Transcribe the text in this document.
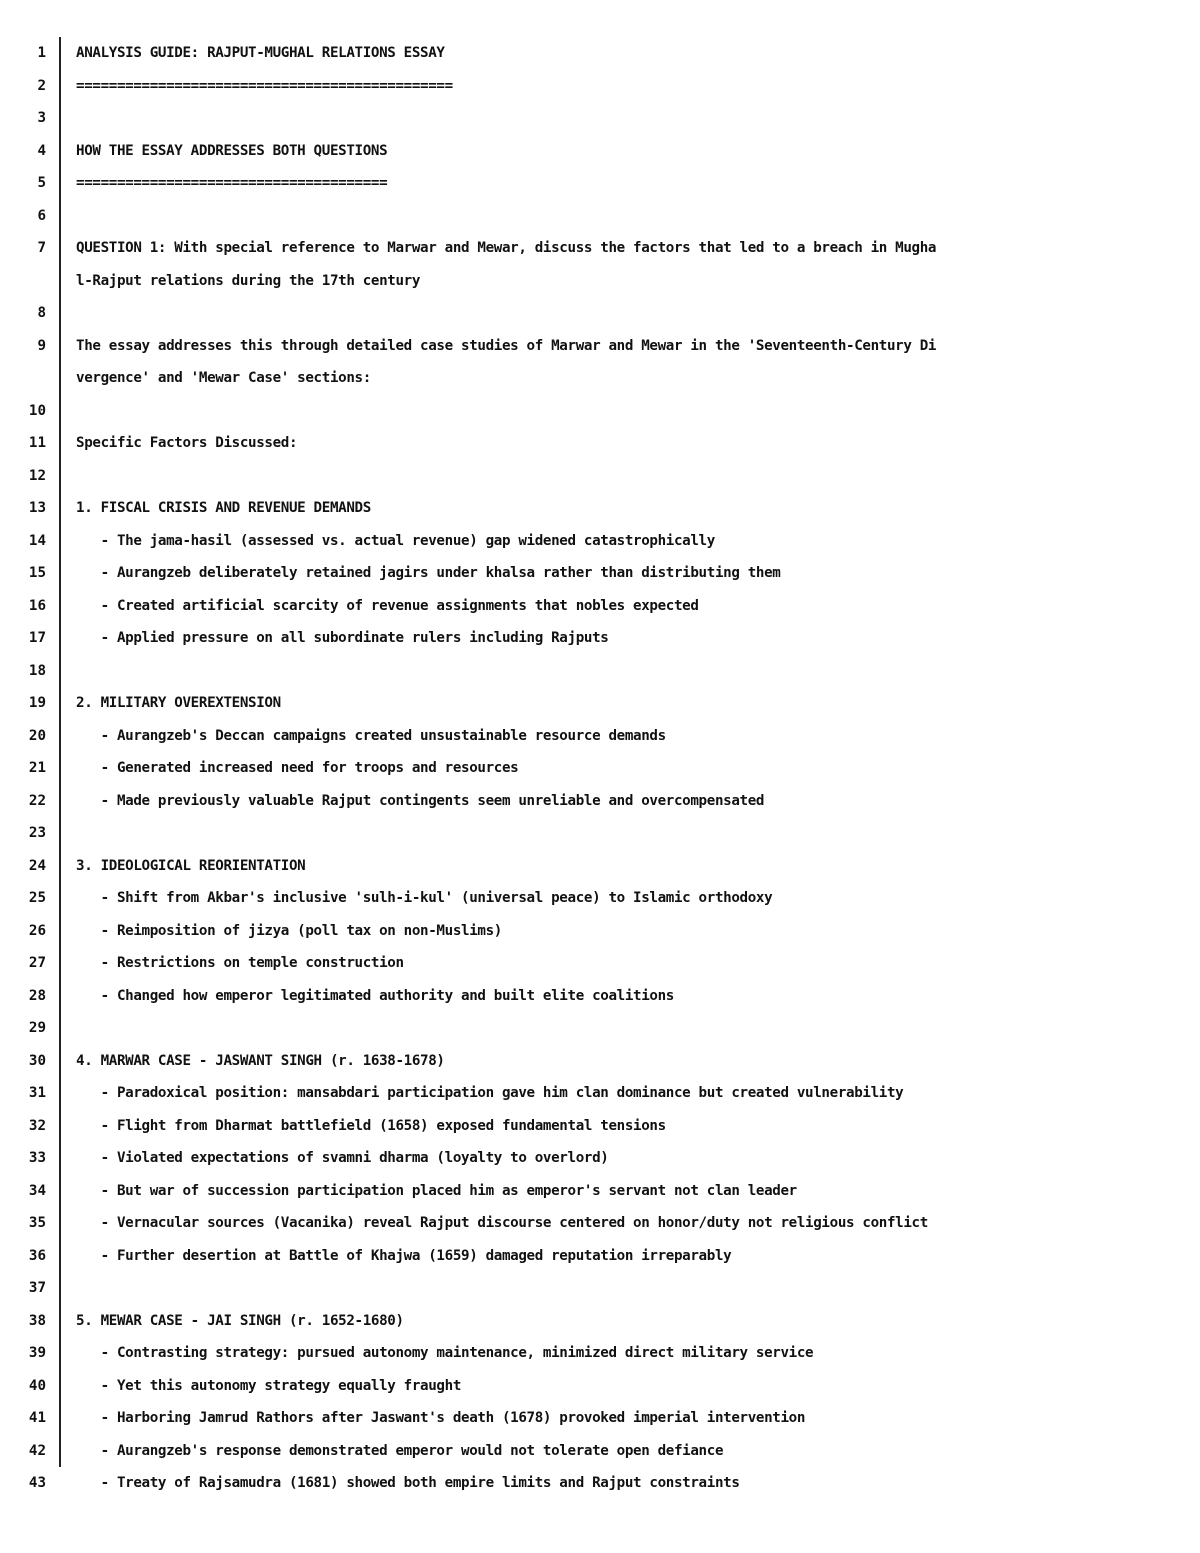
1 ANALYSIS GUIDE: RAJPUT-MUGHAL RELATIONS ESSAY
2 ==============================================
3
4 HOW THE ESSAY ADDRESSES BOTH QUESTIONS
5 ======================================
6
7 QUESTION 1: With special reference to Marwar and Mewar, discuss the factors that led to a breach in Mugha
l-Rajput relations during the 17th century
8
9 The essay addresses this through detailed case studies of Marwar and Mewar in the 'Seventeenth-Century Di
vergence' and 'Mewar Case' sections:
10
11 Specific Factors Discussed:
12
13 1. FISCAL CRISIS AND REVENUE DEMANDS
14 - The jama-hasil (assessed vs. actual revenue) gap widened catastrophically
15 - Aurangzeb deliberately retained jagirs under khalsa rather than distributing them
16 - Created artificial scarcity of revenue assignments that nobles expected
17 - Applied pressure on all subordinate rulers including Rajputs
18
19 2. MILITARY OVEREXTENSION
20 - Aurangzeb's Deccan campaigns created unsustainable resource demands
21 - Generated increased need for troops and resources
22 - Made previously valuable Rajput contingents seem unreliable and overcompensated
23
24 3. IDEOLOGICAL REORIENTATION
25 - Shift from Akbar's inclusive 'sulh-i-kul' (universal peace) to Islamic orthodoxy
26 - Reimposition of jizya (poll tax on non-Muslims)
27 - Restrictions on temple construction
28 - Changed how emperor legitimated authority and built elite coalitions
29
30 4. MARWAR CASE - JASWANT SINGH (r. 1638-1678)
31 - Paradoxical position: mansabdari participation gave him clan dominance but created vulnerability
32 - Flight from Dharmat battlefield (1658) exposed fundamental tensions
33 - Violated expectations of svamni dharma (loyalty to overlord)
34 - But war of succession participation placed him as emperor's servant not clan leader
35 - Vernacular sources (Vacanika) reveal Rajput discourse centered on honor/duty not religious conflict
36 - Further desertion at Battle of Khajwa (1659) damaged reputation irreparably
37
38 5. MEWAR CASE - JAI SINGH (r. 1652-1680)
39 - Contrasting strategy: pursued autonomy maintenance, minimized direct military service
40 - Yet this autonomy strategy equally fraught
41 - Harboring Jamrud Rathors after Jaswant's death (1678) provoked imperial intervention
42 - Aurangzeb's response demonstrated emperor would not tolerate open defiance
43 - Treaty of Rajsamudra (1681) showed both empire limits and Rajput constraints
